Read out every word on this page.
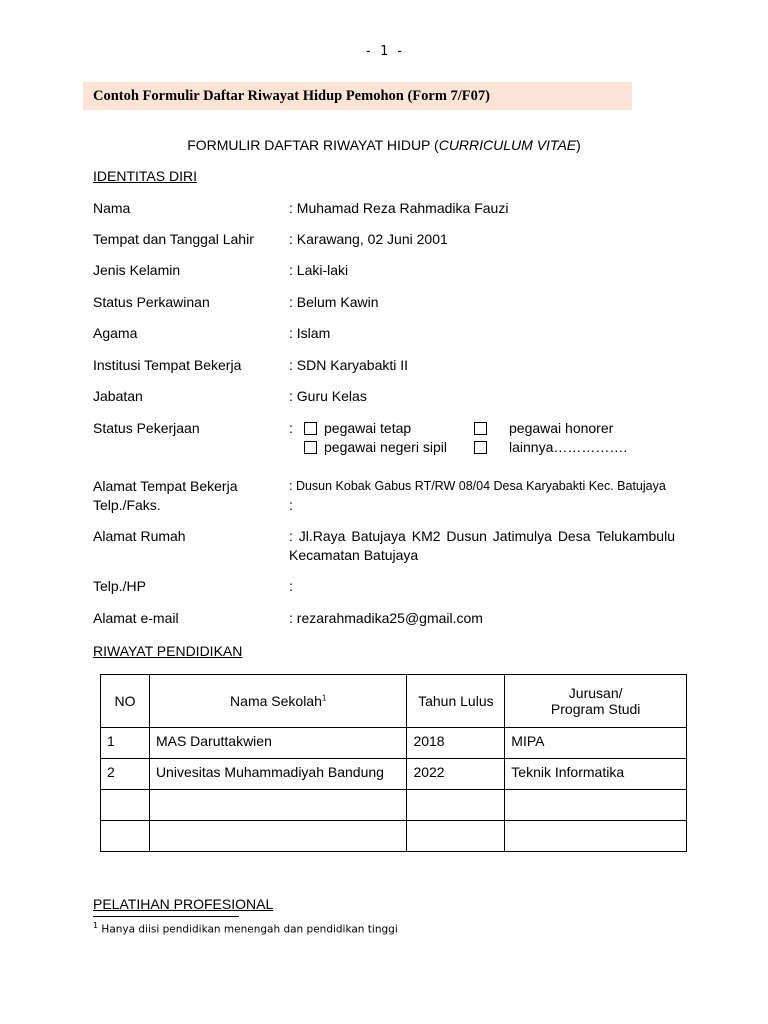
- 1 -
Contoh Formulir Daftar Riwayat Hidup Pemohon (Form 7/F07)
FORMULIR DAFTAR RIWAYAT HIDUP (CURRICULUM VITAE)
IDENTITAS DIRI
Nama	: Muhamad Reza Rahmadika Fauzi
Tempat dan Tanggal Lahir	: Karawang, 02 Juni 2001
Jenis Kelamin	: Laki-laki
Status Perkawinan	: Belum Kawin
Agama	: Islam
Institusi Tempat Bekerja	: SDN Karyabakti II
Jabatan	: Guru Kelas
Status Pekerjaan	:	pegawai tetap	pegawai honorer
pegawai negeri sipil	lainnya…………….
Alamat Tempat Bekerja	: Dusun Kobak Gabus RT/RW 08/04 Desa Karyabakti Kec. Batujaya
Telp./Faks.	:
Alamat Rumah	: Jl.Raya Batujaya KM2 Dusun Jatimulya Desa Telukambulu
Kecamatan Batujaya
Telp./HP	:
Alamat e-mail	: rezarahmadika25@gmail.com
RIWAYAT PENDIDIKAN
NO	Nama Sekolah$^1$	Tahun Lulus	Jurusan/
Program Studi
1	MAS Daruttakwien	2018	MIPA
2	Univesitas Muhammadiyah Bandung	2022	Teknik Informatika

PELATIHAN PROFESIONAL
$^1$ Hanya diisi pendidikan menengah dan pendidikan tinggi
